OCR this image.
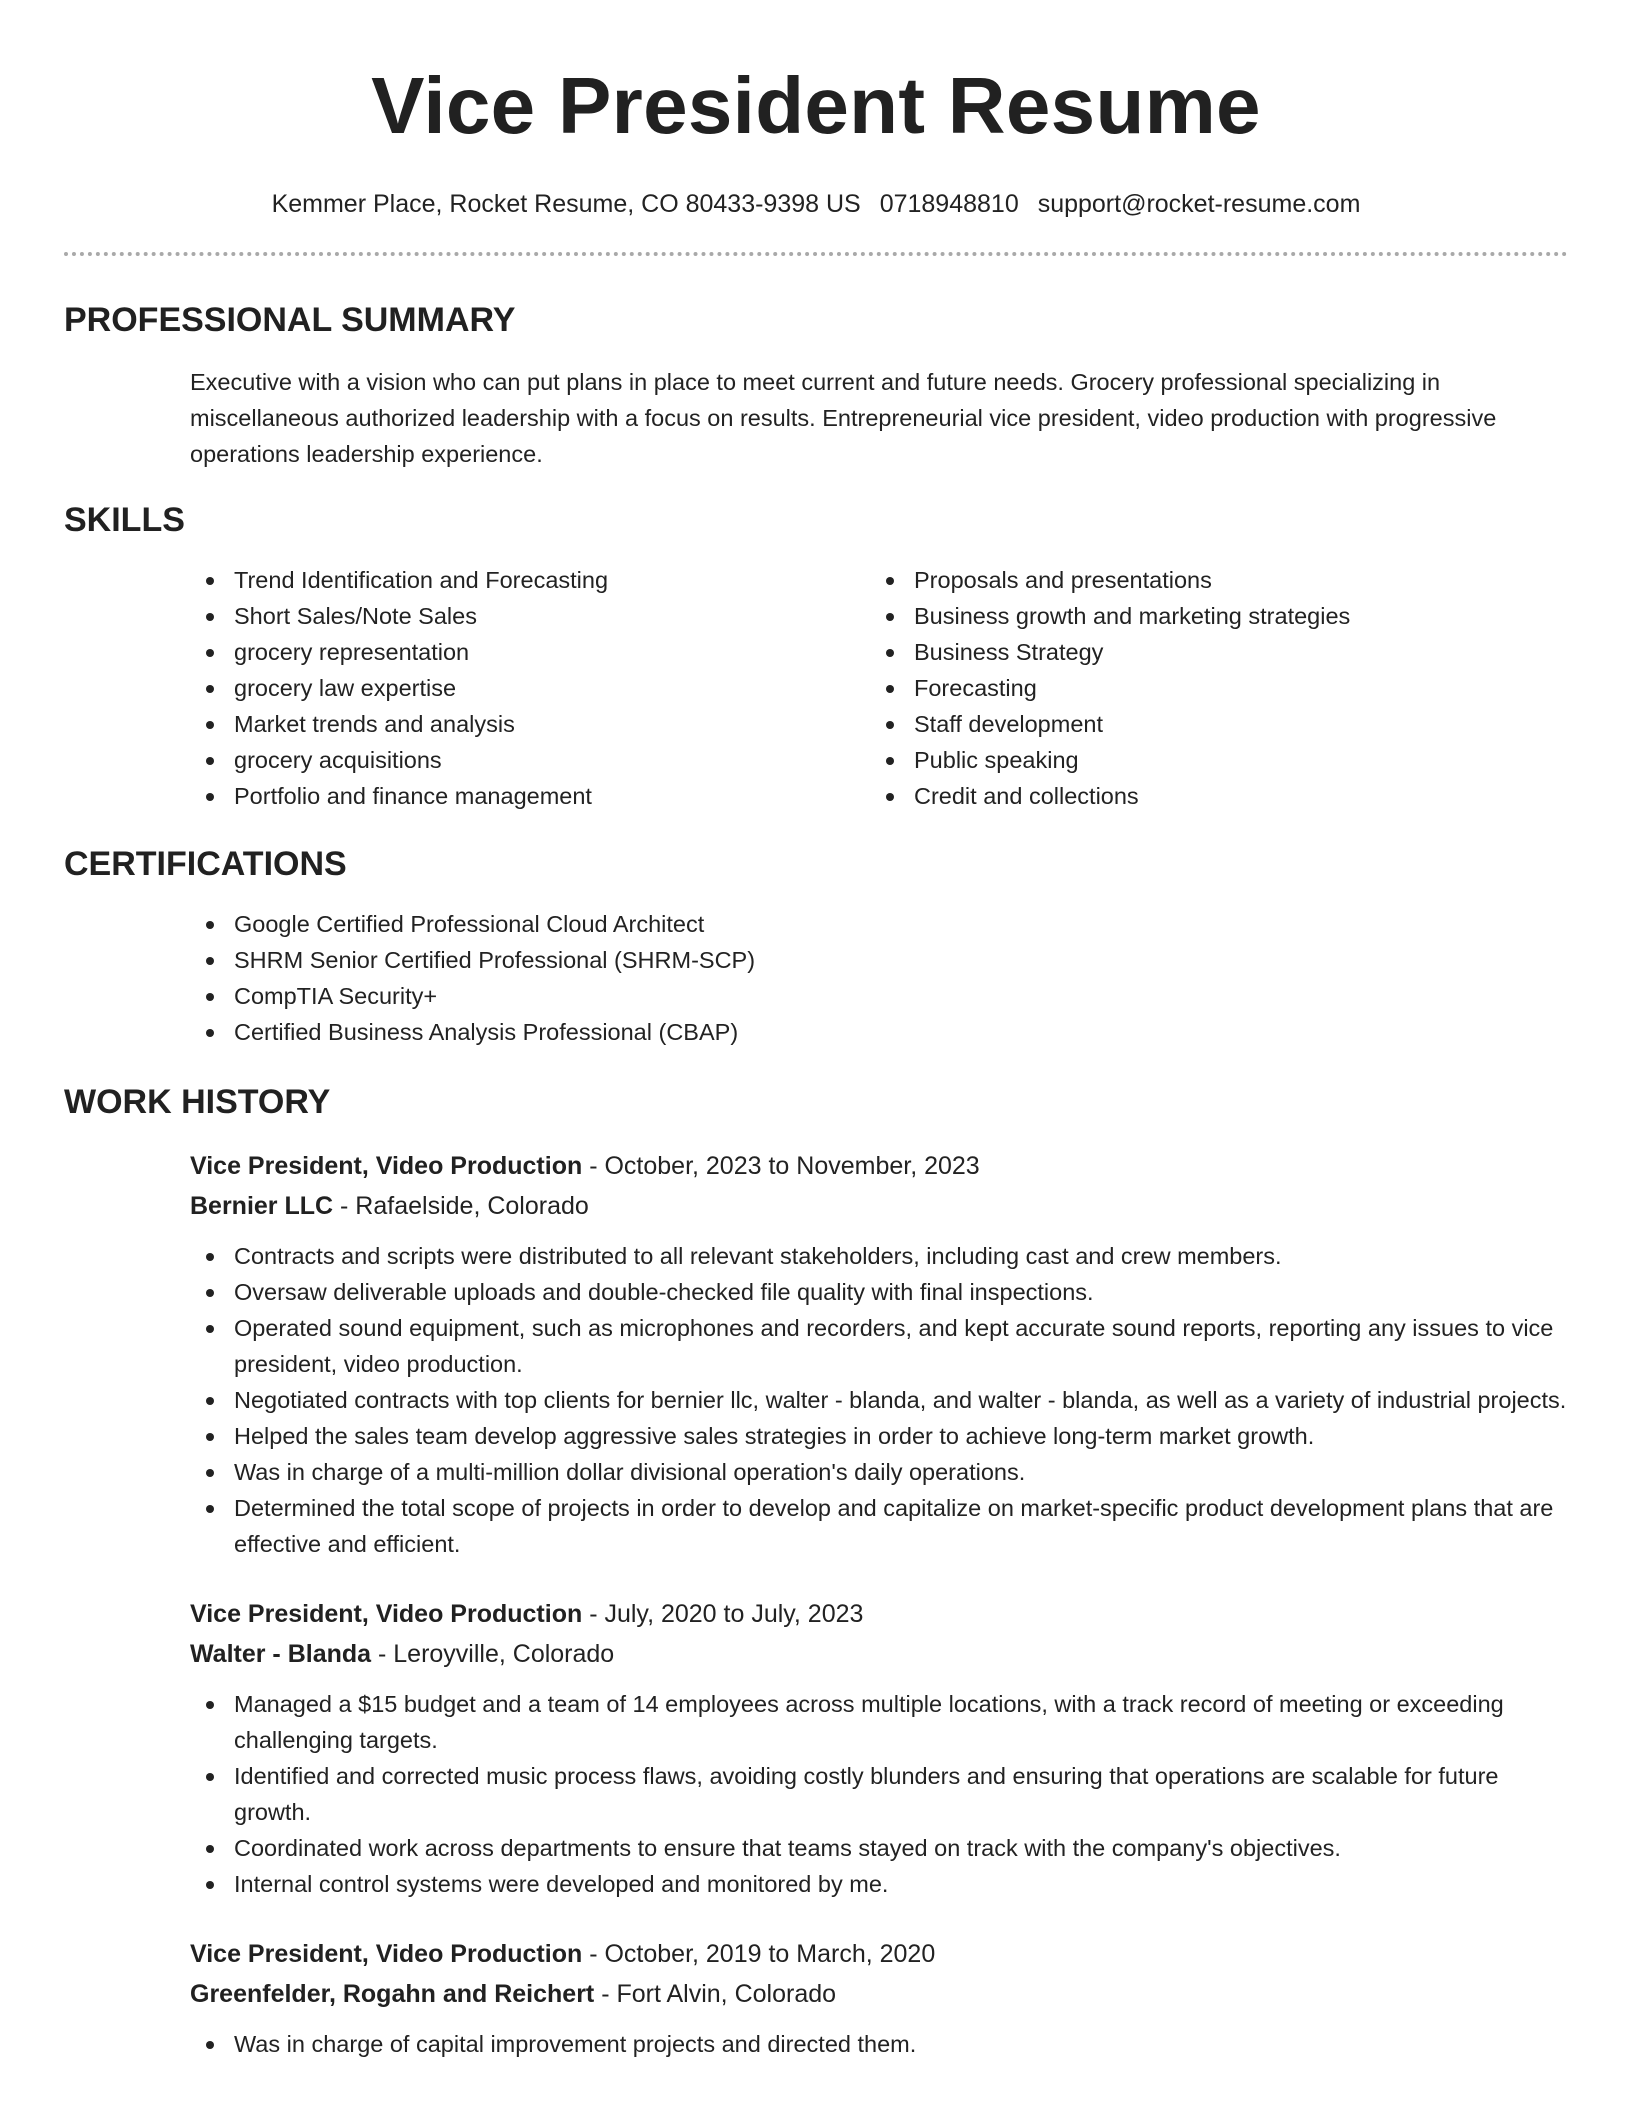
Vice President Resume
Kemmer Place, Rocket Resume, CO 80433-9398 US 0718948810 support@rocket-resume.com
PROFESSIONAL SUMMARY

Executive with a vision who can put plans in place to meet current and future needs. Grocery professional specializing in miscellaneous authorized leadership with a focus on results. Entrepreneurial vice president, video production with progressive operations leadership experience.

SKILLS
Trend Identification and Forecasting
Short Sales/Note Sales
grocery representation
grocery law expertise
Market trends and analysis
grocery acquisitions
Portfolio and finance management
Proposals and presentations
Business growth and marketing strategies
Business Strategy
Forecasting
Staff development
Public speaking
Credit and collections
CERTIFICATIONS
Google Certified Professional Cloud Architect
SHRM Senior Certified Professional (SHRM-SCP)
CompTIA Security+
Certified Business Analysis Professional (CBAP)
WORK HISTORY
Vice President, Video Production - October, 2023 to November, 2023
Bernier LLC - Rafaelside, Colorado
Contracts and scripts were distributed to all relevant stakeholders, including cast and crew members.
Oversaw deliverable uploads and double-checked file quality with final inspections.
Operated sound equipment, such as microphones and recorders, and kept accurate sound reports, reporting any issues to vice president, video production.
Negotiated contracts with top clients for bernier llc, walter - blanda, and walter - blanda, as well as a variety of industrial projects.
Helped the sales team develop aggressive sales strategies in order to achieve long-term market growth.
Was in charge of a multi-million dollar divisional operation's daily operations.
Determined the total scope of projects in order to develop and capitalize on market-specific product development plans that are effective and efficient.
Vice President, Video Production - July, 2020 to July, 2023
Walter - Blanda - Leroyville, Colorado
Managed a $15 budget and a team of 14 employees across multiple locations, with a track record of meeting or exceeding challenging targets.
Identified and corrected music process flaws, avoiding costly blunders and ensuring that operations are scalable for future growth.
Coordinated work across departments to ensure that teams stayed on track with the company's objectives.
Internal control systems were developed and monitored by me.
Vice President, Video Production - October, 2019 to March, 2020
Greenfelder, Rogahn and Reichert - Fort Alvin, Colorado
Was in charge of capital improvement projects and directed them.
